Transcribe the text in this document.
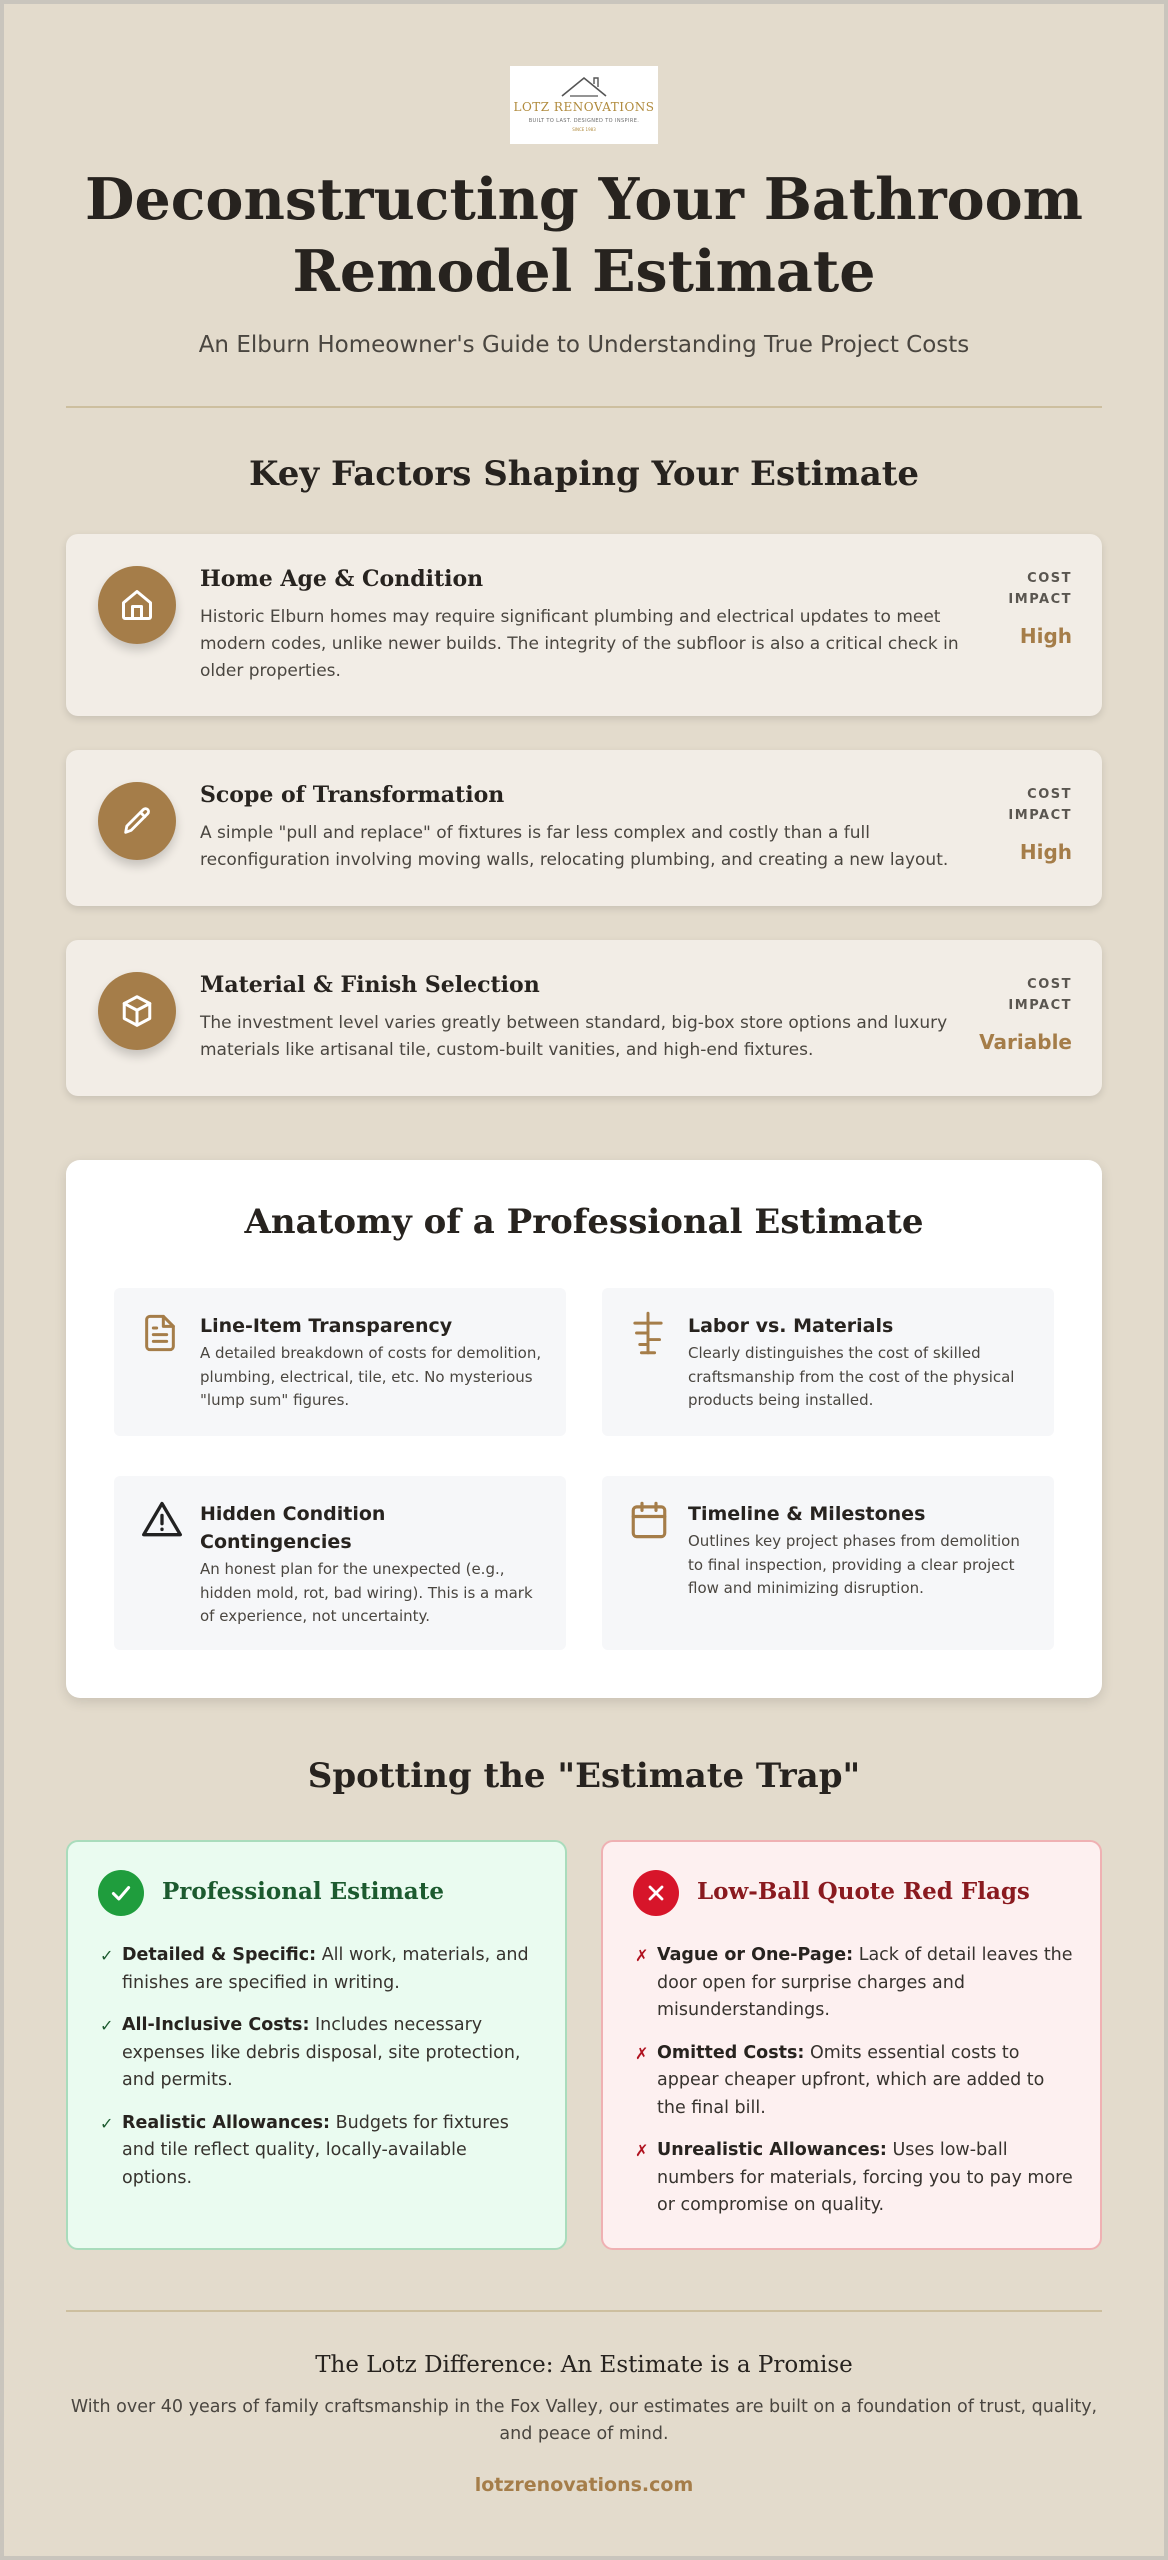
LOTZ RENOVATIONS
BUILT TO LAST. DESIGNED TO INSPIRE.
SINCE 1983
Deconstructing Your Bathroom
Remodel Estimate
An Elburn Homeowner's Guide to Understanding True Project Costs
Key Factors Shaping Your Estimate
Home Age & Condition
Historic Elburn homes may require significant plumbing and electrical updates to meet modern codes, unlike newer builds. The integrity of the subfloor is also a critical check in older properties.
COST
IMPACT
High
Scope of Transformation
A simple "pull and replace" of fixtures is far less complex and costly than a full reconfiguration involving moving walls, relocating plumbing, and creating a new layout.
COST
IMPACT
High
Material & Finish Selection
The investment level varies greatly between standard, big-box store options and luxury materials like artisanal tile, custom-built vanities, and high-end fixtures.
COST
IMPACT
Variable
Anatomy of a Professional Estimate
Line-Item Transparency
A detailed breakdown of costs for demolition, plumbing, electrical, tile, etc. No mysterious "lump sum" figures.
Labor vs. Materials
Clearly distinguishes the cost of skilled craftsmanship from the cost of the physical products being installed.
Hidden Condition Contingencies
An honest plan for the unexpected (e.g., hidden mold, rot, bad wiring). This is a mark of experience, not uncertainty.
Timeline & Milestones
Outlines key project phases from demolition to final inspection, providing a clear project flow and minimizing disruption.
Spotting the "Estimate Trap"
Professional Estimate
✓ Detailed & Specific: All work, materials, and finishes are specified in writing.
✓ All-Inclusive Costs: Includes necessary expenses like debris disposal, site protection, and permits.
✓ Realistic Allowances: Budgets for fixtures and tile reflect quality, locally-available options.
Low-Ball Quote Red Flags
✗ Vague or One-Page: Lack of detail leaves the door open for surprise charges and misunderstandings.
✗ Omitted Costs: Omits essential costs to appear cheaper upfront, which are added to the final bill.
✗ Unrealistic Allowances: Uses low-ball numbers for materials, forcing you to pay more or compromise on quality.
The Lotz Difference: An Estimate is a Promise
With over 40 years of family craftsmanship in the Fox Valley, our estimates are built on a foundation of trust, quality, and peace of mind.
lotzrenovations.com
